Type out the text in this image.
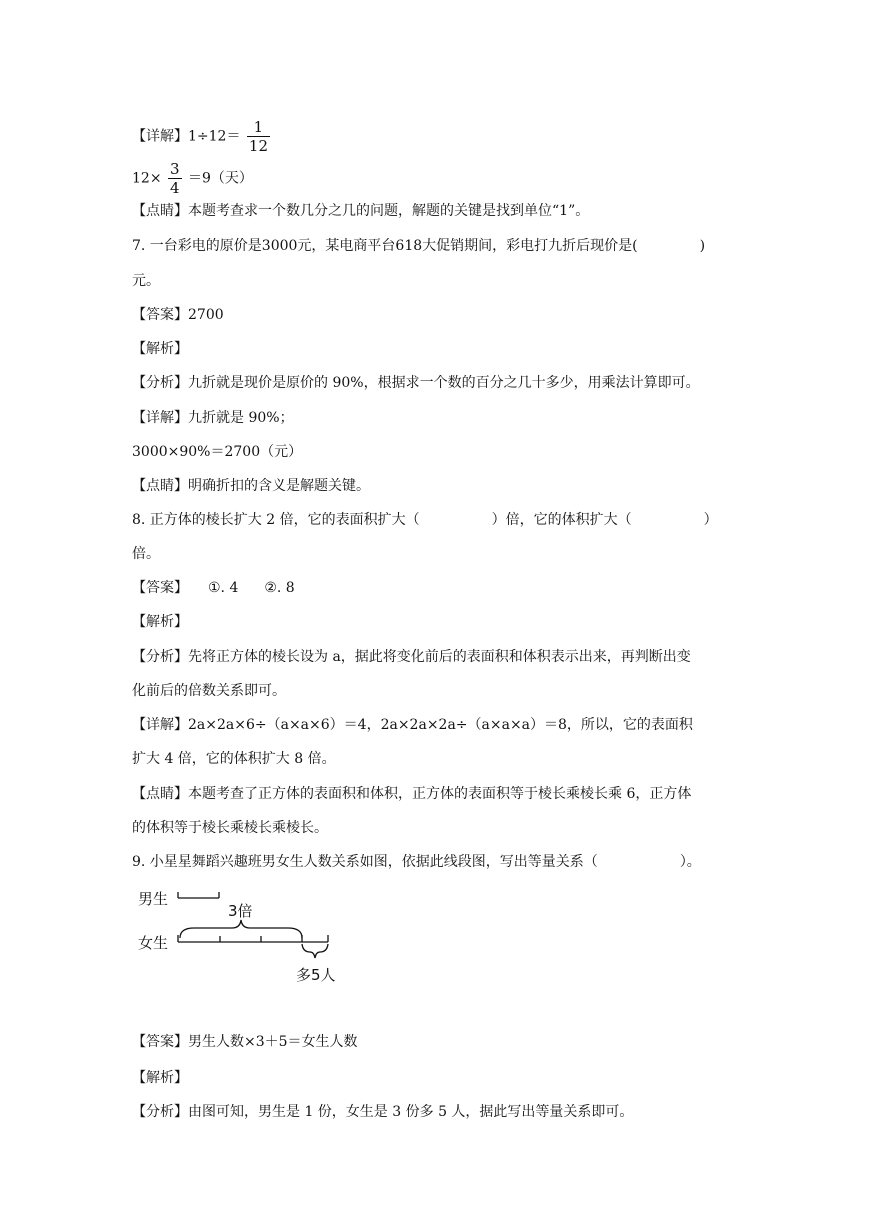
【详解】$1\div 12= \frac{1}{12}$
$12\times \frac{3}{4} =9$（天）
【点睛】本题考查求一个数几分之几的问题，解题的关键是找到单位“1”。
7. 一台彩电的原价是3000元，某电商平台618大促销期间，彩电打九折后现价是(	)
元。
【答案】2700
【解析】
【分析】九折就是现价是原价的 90%，根据求一个数的百分之几十多少，用乘法计算即可。
【详解】九折就是 90%；
3000×90%＝2700（元）
【点睛】明确折扣的含义是解题关键。
8. 正方体的棱长扩大 2 倍，它的表面积扩大（	）倍，它的体积扩大（	）
倍。
【答案】 ①. 4 ②. 8
【解析】
【分析】先将正方体的棱长设为 a，据此将变化前后的表面积和体积表示出来，再判断出变
化前后的倍数关系即可。
【详解】2a×2a×6÷（a×a×6）＝4，2a×2a×2a÷（a×a×a）＝8，所以，它的表面积
扩大 4 倍，它的体积扩大 8 倍。
【点睛】本题考查了正方体的表面积和体积，正方体的表面积等于棱长乘棱长乘 6，正方体
的体积等于棱长乘棱长乘棱长。
9. 小星星舞蹈兴趣班男女生人数关系如图，依据此线段图，写出等量关系（	）。
男生
3倍
女生
多5人
【答案】男生人数×3＋5＝女生人数
【解析】
【分析】由图可知，男生是 1 份，女生是 3 份多 5 人，据此写出等量关系即可。
